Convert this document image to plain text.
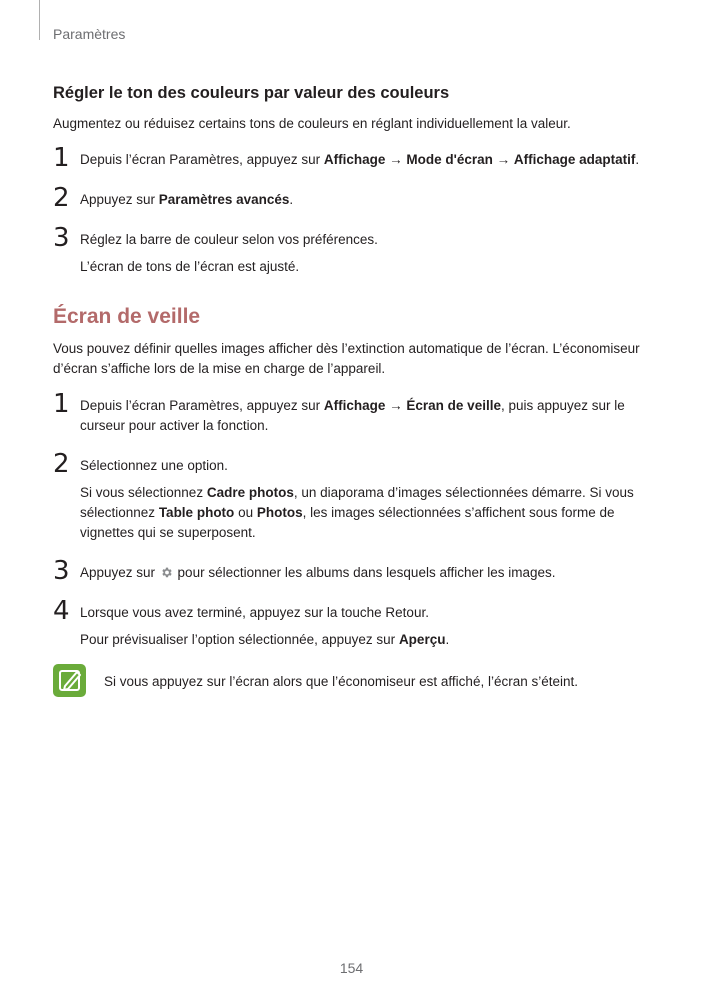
Paramètres
Régler le ton des couleurs par valeur des couleurs
Augmentez ou réduisez certains tons de couleurs en réglant individuellement la valeur.
1 Depuis l’écran Paramètres, appuyez sur Affichage → Mode d'écran → Affichage adaptatif.
2 Appuyez sur Paramètres avancés.
3 Réglez la barre de couleur selon vos préférences.
L’écran de tons de l’écran est ajusté.
Écran de veille
Vous pouvez définir quelles images afficher dès l’extinction automatique de l’écran. L’économiseur d’écran s’affiche lors de la mise en charge de l’appareil.
1 Depuis l’écran Paramètres, appuyez sur Affichage → Écran de veille, puis appuyez sur le curseur pour activer la fonction.
2 Sélectionnez une option.
Si vous sélectionnez Cadre photos, un diaporama d’images sélectionnées démarre. Si vous sélectionnez Table photo ou Photos, les images sélectionnées s’affichent sous forme de vignettes qui se superposent.
3 Appuyez sur  pour sélectionner les albums dans lesquels afficher les images.
4 Lorsque vous avez terminé, appuyez sur la touche Retour.
Pour prévisualiser l’option sélectionnée, appuyez sur Aperçu.
Si vous appuyez sur l’écran alors que l’économiseur est affiché, l’écran s’éteint.
154
